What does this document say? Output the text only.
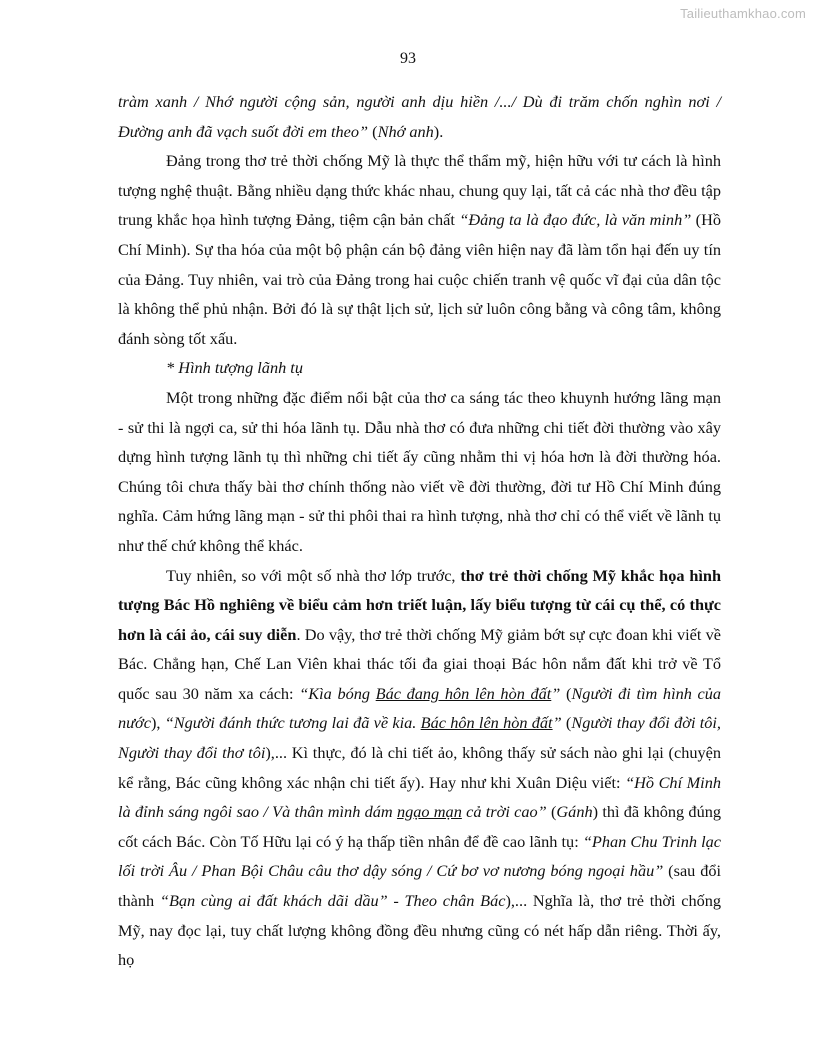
Tailieuthamkhao.com
93

tràm xanh / Nhớ người cộng sản, người anh dịu hiền /.../ Dù đi trăm chốn nghìn nơi / Đường anh đã vạch suốt đời em theo” (Nhớ anh).

Đảng trong thơ trẻ thời chống Mỹ là thực thể thẩm mỹ, hiện hữu với tư cách là hình tượng nghệ thuật. Bằng nhiều dạng thức khác nhau, chung quy lại, tất cả các nhà thơ đều tập trung khắc họa hình tượng Đảng, tiệm cận bản chất “Đảng ta là đạo đức, là văn minh” (Hồ Chí Minh). Sự tha hóa của một bộ phận cán bộ đảng viên hiện nay đã làm tổn hại đến uy tín của Đảng. Tuy nhiên, vai trò của Đảng trong hai cuộc chiến tranh vệ quốc vĩ đại của dân tộc là không thể phủ nhận. Bởi đó là sự thật lịch sử, lịch sử luôn công bằng và công tâm, không đánh sòng tốt xấu.

* Hình tượng lãnh tụ

Một trong những đặc điểm nổi bật của thơ ca sáng tác theo khuynh hướng lãng mạn - sử thi là ngợi ca, sử thi hóa lãnh tụ. Dẫu nhà thơ có đưa những chi tiết đời thường vào xây dựng hình tượng lãnh tụ thì những chi tiết ấy cũng nhằm thi vị hóa hơn là đời thường hóa. Chúng tôi chưa thấy bài thơ chính thống nào viết về đời thường, đời tư Hồ Chí Minh đúng nghĩa. Cảm hứng lãng mạn - sử thi phôi thai ra hình tượng, nhà thơ chỉ có thể viết về lãnh tụ như thế chứ không thể khác.

Tuy nhiên, so với một số nhà thơ lớp trước, thơ trẻ thời chống Mỹ khắc họa hình tượng Bác Hồ nghiêng về biểu cảm hơn triết luận, lấy biểu tượng từ cái cụ thể, có thực hơn là cái ảo, cái suy diễn. Do vậy, thơ trẻ thời chống Mỹ giảm bớt sự cực đoan khi viết về Bác. Chẳng hạn, Chế Lan Viên khai thác tối đa giai thoại Bác hôn nắm đất khi trở về Tổ quốc sau 30 năm xa cách: “Kìa bóng Bác đang hôn lên hòn đất” (Người đi tìm hình của nước), “Người đánh thức tương lai đã về kia. Bác hôn lên hòn đất” (Người thay đổi đời tôi, Người thay đổi thơ tôi),... Kì thực, đó là chi tiết ảo, không thấy sử sách nào ghi lại (chuyện kể rằng, Bác cũng không xác nhận chi tiết ấy). Hay như khi Xuân Diệu viết: “Hồ Chí Minh là đỉnh sáng ngôi sao / Và thân mình dám ngạo mạn cả trời cao” (Gánh) thì đã không đúng cốt cách Bác. Còn Tố Hữu lại có ý hạ thấp tiền nhân để đề cao lãnh tụ: “Phan Chu Trinh lạc lối trời Âu / Phan Bội Châu câu thơ dậy sóng / Cứ bơ vơ nương bóng ngoại hầu” (sau đổi thành “Bạn cùng ai đất khách dãi dầu” - Theo chân Bác),... Nghĩa là, thơ trẻ thời chống Mỹ, nay đọc lại, tuy chất lượng không đồng đều nhưng cũng có nét hấp dẫn riêng. Thời ấy, họ
